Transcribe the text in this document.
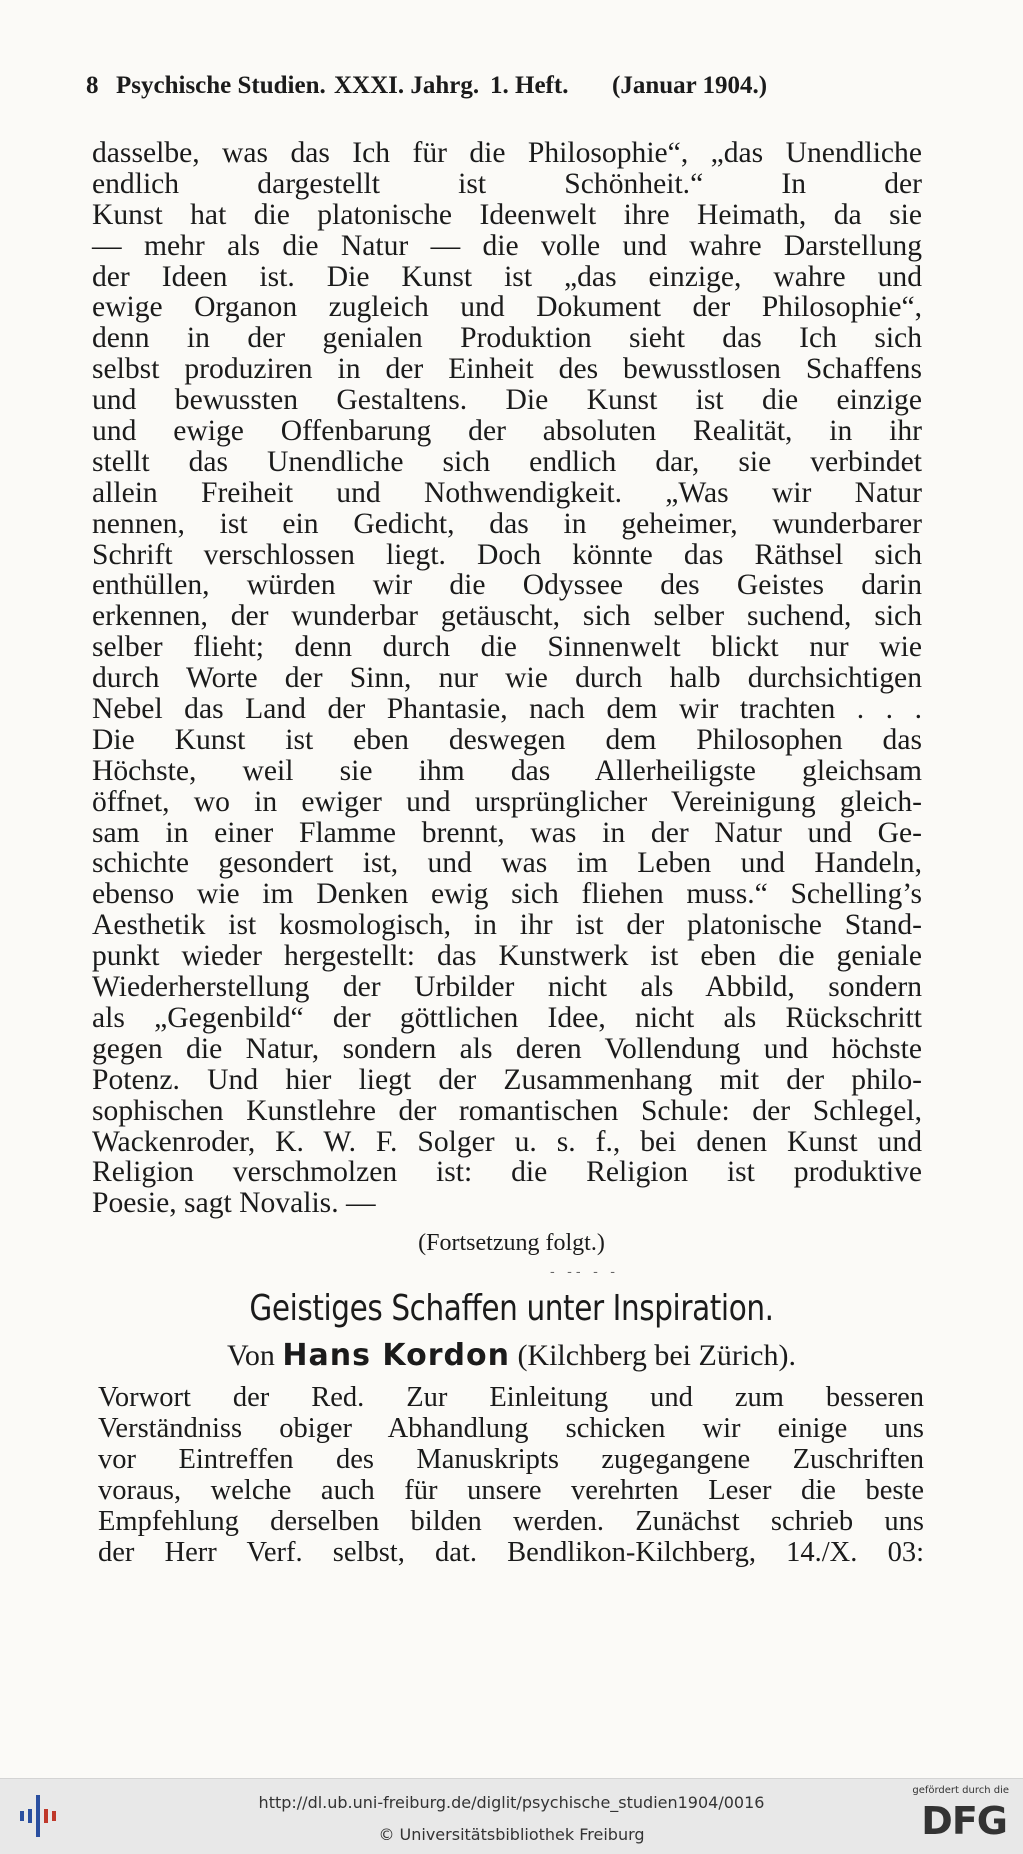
8 Psychische Studien. XXXI. Jahrg. 1. Heft. (Januar 1904.)
dasselbe, was das Ich für die Philosophie“, „das Unendliche
endlich dargestellt ist Schönheit.“ In der
Kunst hat die platonische Ideenwelt ihre Heimath, da sie
— mehr als die Natur — die volle und wahre Darstellung
der Ideen ist. Die Kunst ist „das einzige, wahre und
ewige Organon zugleich und Dokument der Philosophie“,
denn in der genialen Produktion sieht das Ich sich
selbst produziren in der Einheit des bewusstlosen Schaffens
und bewussten Gestaltens. Die Kunst ist die einzige
und ewige Offenbarung der absoluten Realität, in ihr
stellt das Unendliche sich endlich dar, sie verbindet
allein Freiheit und Nothwendigkeit. „Was wir Natur
nennen, ist ein Gedicht, das in geheimer, wunderbarer
Schrift verschlossen liegt. Doch könnte das Räthsel sich
enthüllen, würden wir die Odyssee des Geistes darin
erkennen, der wunderbar getäuscht, sich selber suchend, sich
selber flieht; denn durch die Sinnenwelt blickt nur wie
durch Worte der Sinn, nur wie durch halb durchsichtigen
Nebel das Land der Phantasie, nach dem wir trachten . . .
Die Kunst ist eben deswegen dem Philosophen das
Höchste, weil sie ihm das Allerheiligste gleichsam
öffnet, wo in ewiger und ursprünglicher Vereinigung gleich-
sam in einer Flamme brennt, was in der Natur und Ge-
schichte gesondert ist, und was im Leben und Handeln,
ebenso wie im Denken ewig sich fliehen muss.“ Schelling’s
Aesthetik ist kosmologisch, in ihr ist der platonische Stand-
punkt wieder hergestellt: das Kunstwerk ist eben die geniale
Wiederherstellung der Urbilder nicht als Abbild, sondern
als „Gegenbild“ der göttlichen Idee, nicht als Rückschritt
gegen die Natur, sondern als deren Vollendung und höchste
Potenz. Und hier liegt der Zusammenhang mit der philo-
sophischen Kunstlehre der romantischen Schule: der Schlegel,
Wackenroder, K. W. F. Solger u. s. f., bei denen Kunst und
Religion verschmolzen ist: die Religion ist produktive
Poesie, sagt Novalis. —
(Fortsetzung folgt.)
- -- - -
Geistiges Schaffen unter Inspiration.
Von Hans Kordon (Kilchberg bei Zürich).
Vorwort der Red. Zur Einleitung und zum besseren
Verständniss obiger Abhandlung schicken wir einige uns
vor Eintreffen des Manuskripts zugegangene Zuschriften
voraus, welche auch für unsere verehrten Leser die beste
Empfehlung derselben bilden werden. Zunächst schrieb uns
der Herr Verf. selbst, dat. Bendlikon-Kilchberg, 14./X. 03:
http://dl.ub.uni-freiburg.de/diglit/psychische_studien1904/0016
© Universitätsbibliothek Freiburg
gefördert durch die
DFG
